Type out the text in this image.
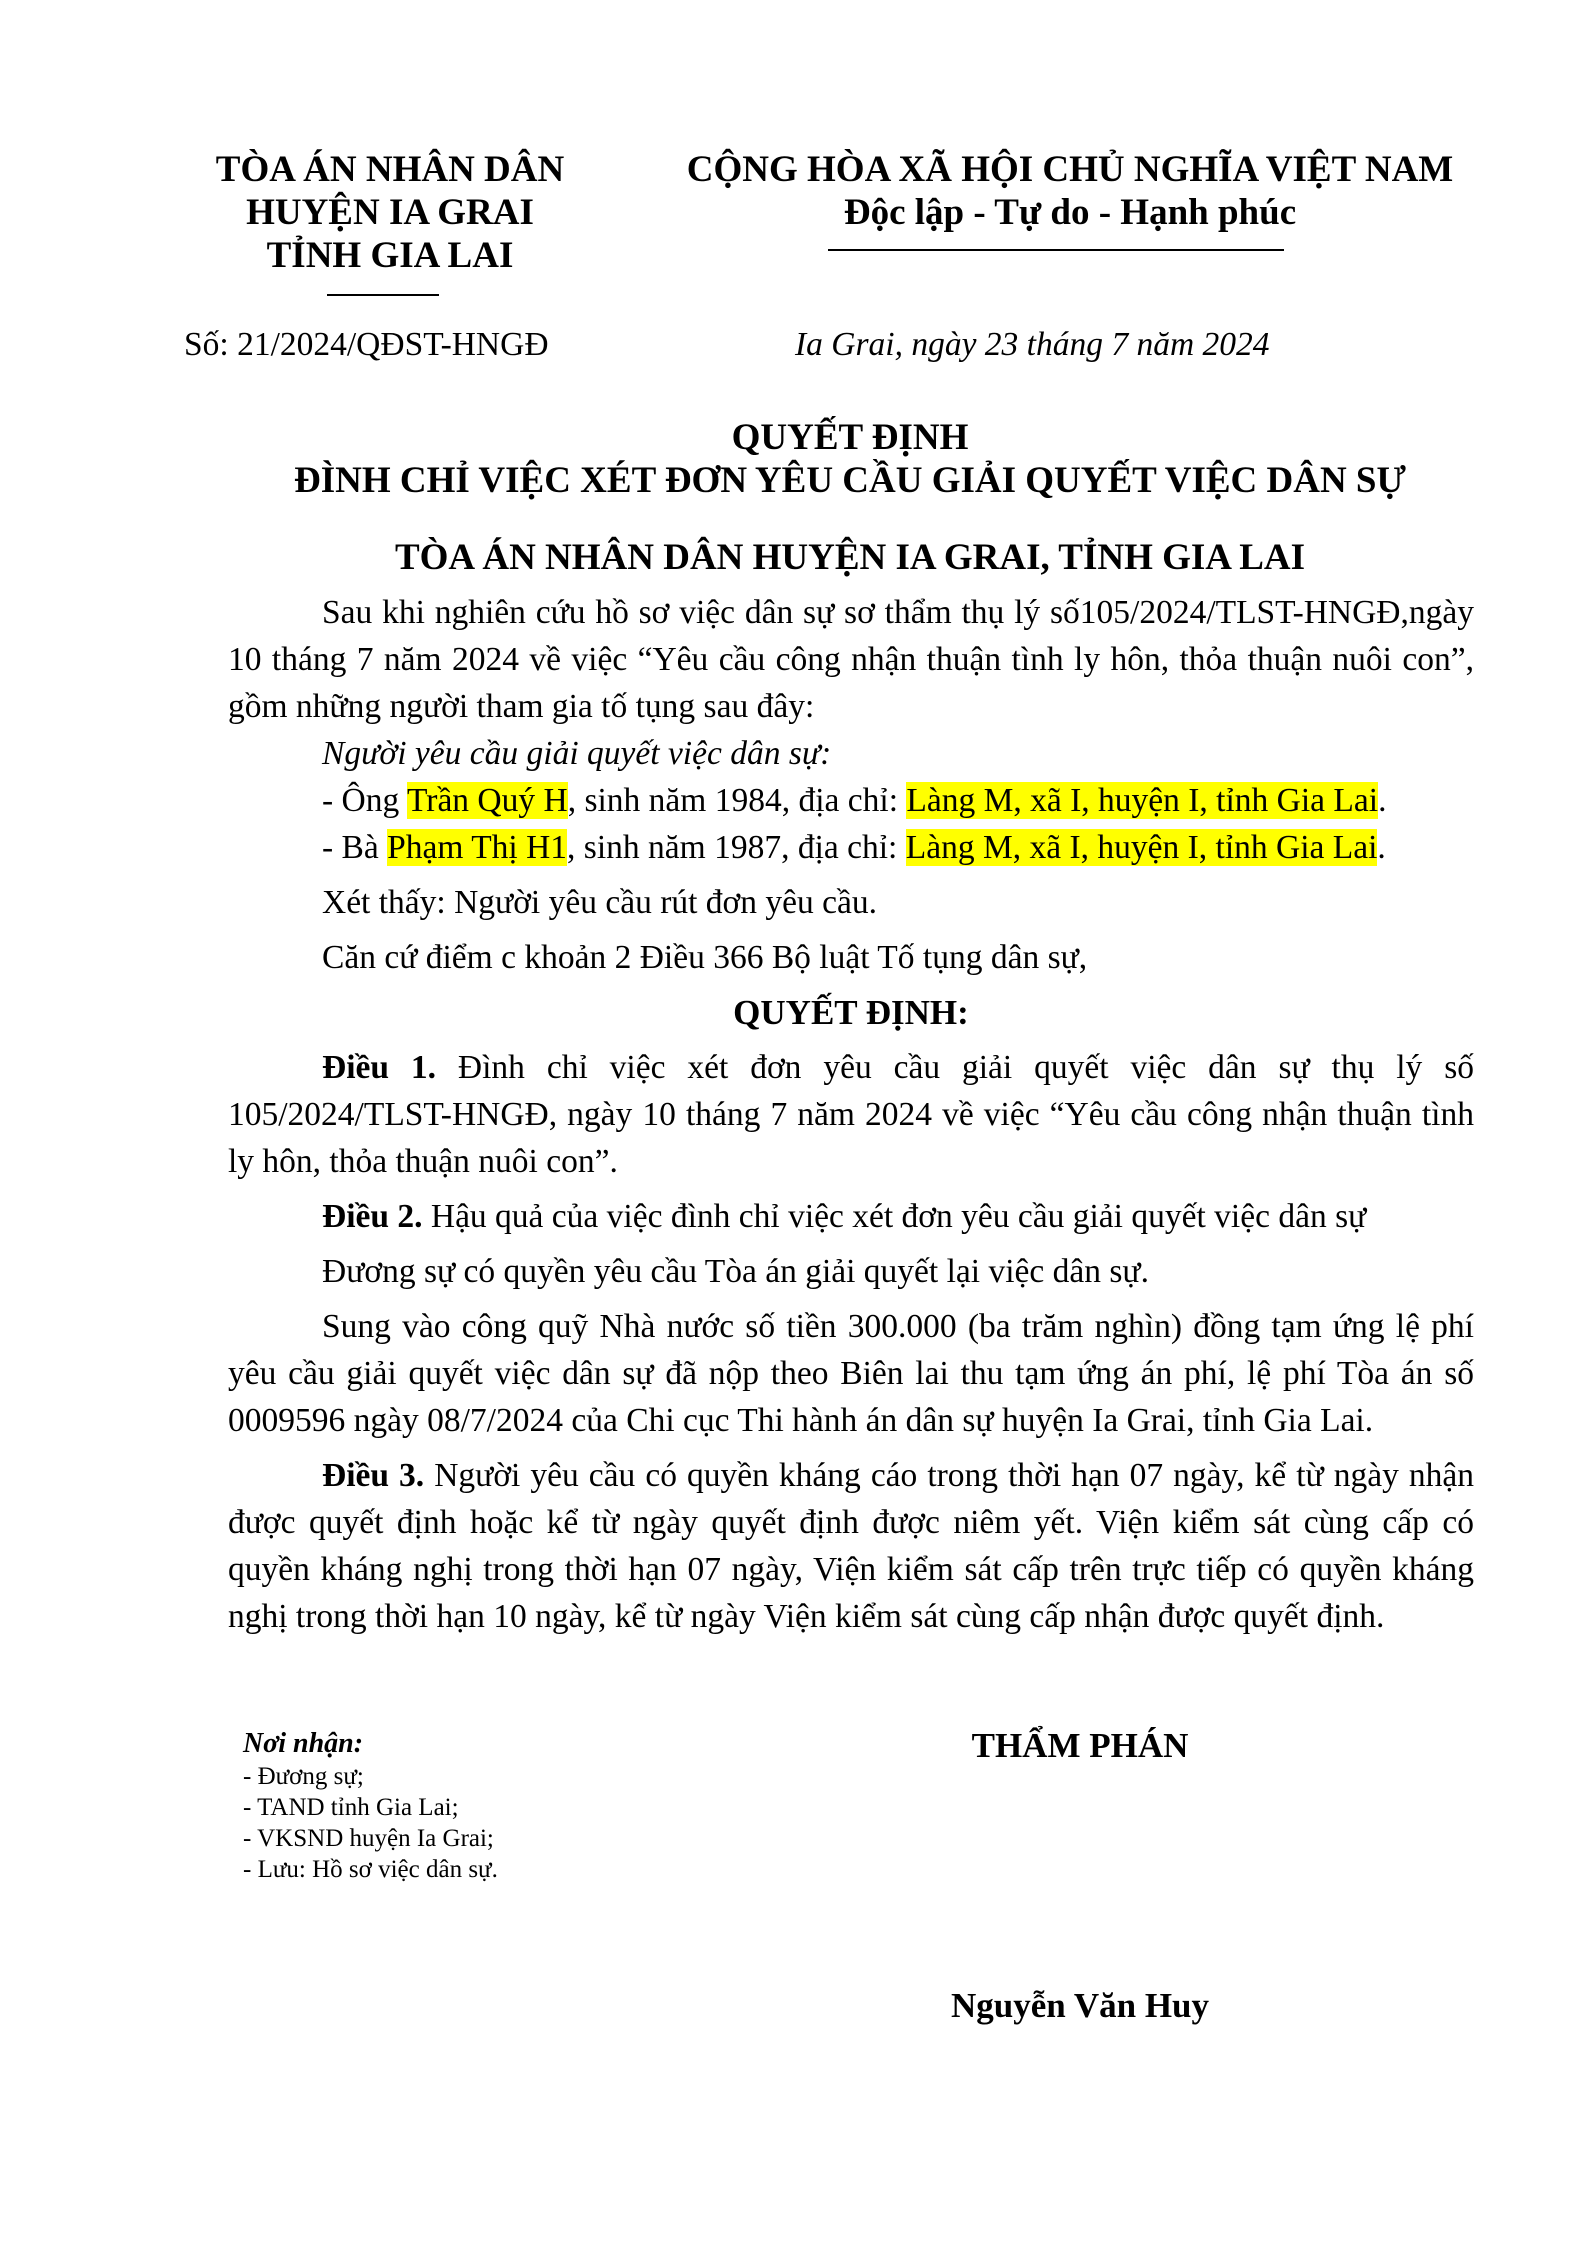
TÒA ÁN NHÂN DÂN
HUYỆN IA GRAI
TỈNH GIA LAI
CỘNG HÒA XÃ HỘI CHỦ NGHĨA VIỆT NAM
Độc lập - Tự do - Hạnh phúc
Số: 21/2024/QĐST-HNGĐ	Ia Grai, ngày 23 tháng 7 năm 2024
QUYẾT ĐỊNH
ĐÌNH CHỈ VIỆC XÉT ĐƠN YÊU CẦU GIẢI QUYẾT VIỆC DÂN SỰ
TÒA ÁN NHÂN DÂN HUYỆN IA GRAI, TỈNH GIA LAI

Sau khi nghiên cứu hồ sơ việc dân sự sơ thẩm thụ lý số105/2024/TLST-HNGĐ,ngày 10 tháng 7 năm 2024 về việc “Yêu cầu công nhận thuận tình ly hôn, thỏa thuận nuôi con”, gồm những người tham gia tố tụng sau đây:

Người yêu cầu giải quyết việc dân sự:

- Ông Trần Quý H, sinh năm 1984, địa chỉ: Làng M, xã I, huyện I, tỉnh Gia Lai.

- Bà Phạm Thị H1, sinh năm 1987, địa chỉ: Làng M, xã I, huyện I, tỉnh Gia Lai.

Xét thấy: Người yêu cầu rút đơn yêu cầu.

Căn cứ điểm c khoản 2 Điều 366 Bộ luật Tố tụng dân sự,

QUYẾT ĐỊNH:

Điều 1. Đình chỉ việc xét đơn yêu cầu giải quyết việc dân sự thụ lý số 105/2024/TLST-HNGĐ, ngày 10 tháng 7 năm 2024 về việc “Yêu cầu công nhận thuận tình ly hôn, thỏa thuận nuôi con”.

Điều 2. Hậu quả của việc đình chỉ việc xét đơn yêu cầu giải quyết việc dân sự

Đương sự có quyền yêu cầu Tòa án giải quyết lại việc dân sự.

Sung vào công quỹ Nhà nước số tiền 300.000 (ba trăm nghìn) đồng tạm ứng lệ phí yêu cầu giải quyết việc dân sự đã nộp theo Biên lai thu tạm ứng án phí, lệ phí Tòa án số 0009596 ngày 08/7/2024 của Chi cục Thi hành án dân sự huyện Ia Grai, tỉnh Gia Lai.

Điều 3. Người yêu cầu có quyền kháng cáo trong thời hạn 07 ngày, kể từ ngày nhận được quyết định hoặc kể từ ngày quyết định được niêm yết. Viện kiểm sát cùng cấp có quyền kháng nghị trong thời hạn 07 ngày, Viện kiểm sát cấp trên trực tiếp có quyền kháng nghị trong thời hạn 10 ngày, kể từ ngày Viện kiểm sát cùng cấp nhận được quyết định.

Nơi nhận:
- Đương sự;
- TAND tỉnh Gia Lai;
- VKSND huyện Ia Grai;
- Lưu: Hồ sơ việc dân sự.
THẨM PHÁN
Nguyễn Văn Huy
